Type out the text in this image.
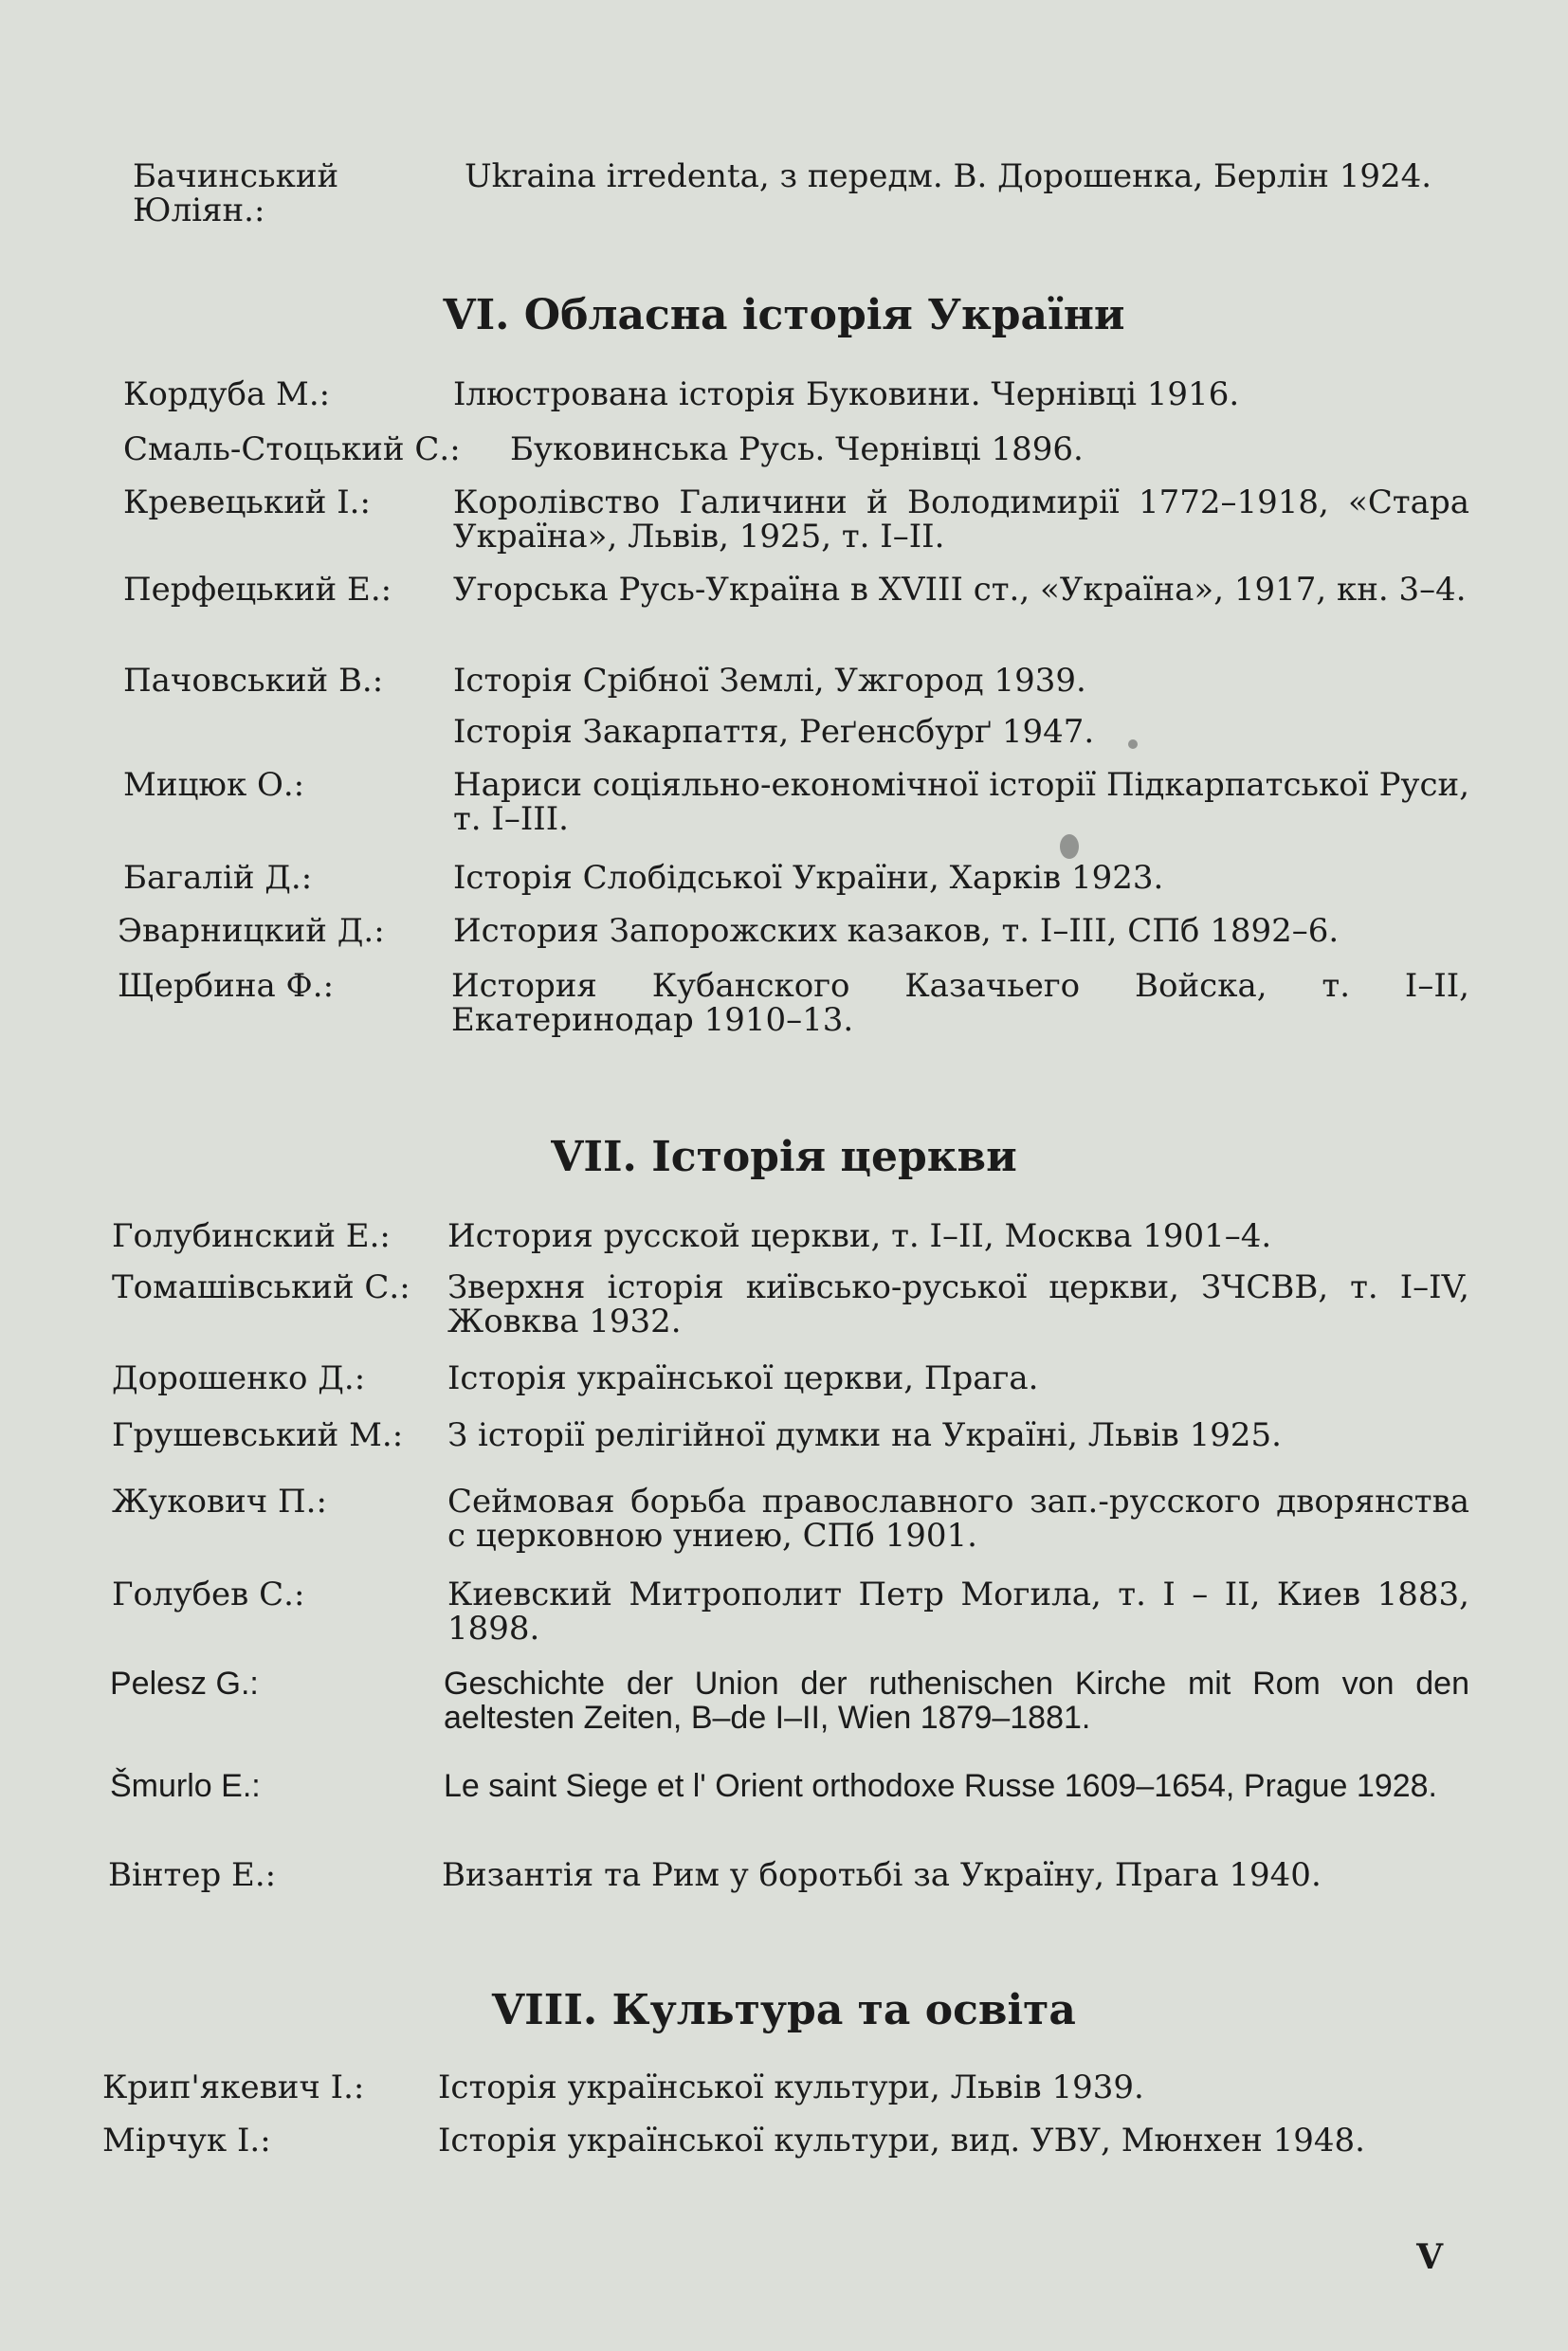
Бачинський Юліян.:
Ukraina irredenta, з передм. В. Дорошенка, Берлін 1924.
VI. Обласна історія України
Кордуба М.:	Ілюстрована історія Буковини. Чернівці 1916.
Смаль-Стоцький С.: Буковинська Русь. Чернівці 1896.
Кревецький І.:	Королівство Галичини й Володимирії 1772–1918, «Стара Україна», Львів, 1925, т. І–ІІ.
Перфецький Е.: Угорська Русь-Україна в XVIII ст., «Україна», 1917, кн. 3–4.
Пачовський В.: Історія Срібної Землі, Ужгород 1939.
Історія Закарпаття, Реґенсбурґ 1947.
Мицюк О.:	Нариси соціяльно-економічної історії Підкарпатської Руси, т. І–ІІІ.
Багалій Д.:	Історія Слобідської України, Харків 1923.
Эварницкий Д.: История Запорожских казаков, т. І–ІІІ, СПб 1892–6.
Щербина Ф.:	История Кубанского Казачьего Войска, т. І–ІІ, Екатеринодар 1910–13.
VII. Історія церкви
Голубинский Е.: История русской церкви, т. І–ІІ, Москва 1901–4.
Томашівський С.: Зверхня історія київсько-руської церкви, ЗЧСВВ, т. І–IV, Жовква 1932.
Дорошенко Д.:	Історія української церкви, Прага.
Грушевський М.: З історії релігійної думки на Україні, Львів 1925.
Жукович П.:	Сеймовая борьба православного зап.-русского дворянства с церковною униею, СПб 1901.
Голубев С.:	Киевский Митрополит Петр Могила, т. І – ІІ, Киев 1883, 1898.
Pelesz G.:	Geschichte der Union der ruthenischen Kirche mit Rom von den aeltesten Zeiten, B–de I–II, Wien 1879–1881.
Šmurlo E.:	Le saint Siege et l' Orient orthodoxe Russe 1609–1654, Prague 1928.
Вінтер Е.:	Византія та Рим у боротьбі за Україну, Прага 1940.
VIII. Культура та освіта
Крип'якевич І.: Історія української культури, Львів 1939.
Мірчук І.:	Історія української культури, вид. УВУ, Мюнхен 1948.
V
